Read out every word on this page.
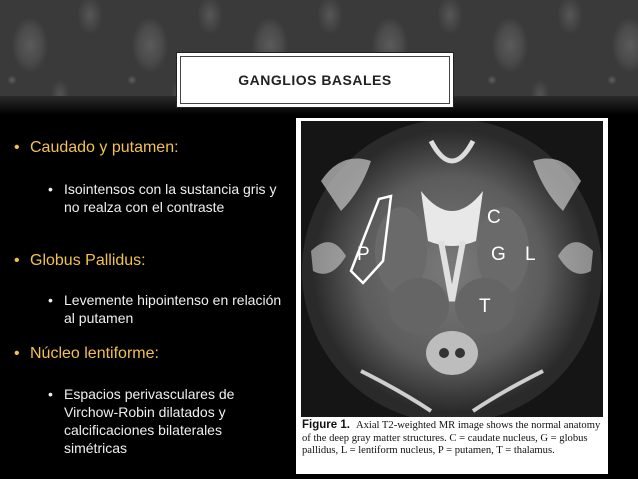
GANGLIOS BASALES
• Caudado y putamen:
• Isointensos con la sustancia gris y no realza con el contraste
• Globus Pallidus:
• Levemente hipointenso en relación al putamen
• Núcleo lentiforme:
• Espacios perivasculares de Virchow-Robin dilatados y calcificaciones bilaterales simétricas
P
C
G L
T
Figure 1. Axial T2-weighted MR image shows the normal anatomy of the deep gray matter structures. C = caudate nucleus, G = globus pallidus, L = lentiform nucleus, P = putamen, T = thalamus.
